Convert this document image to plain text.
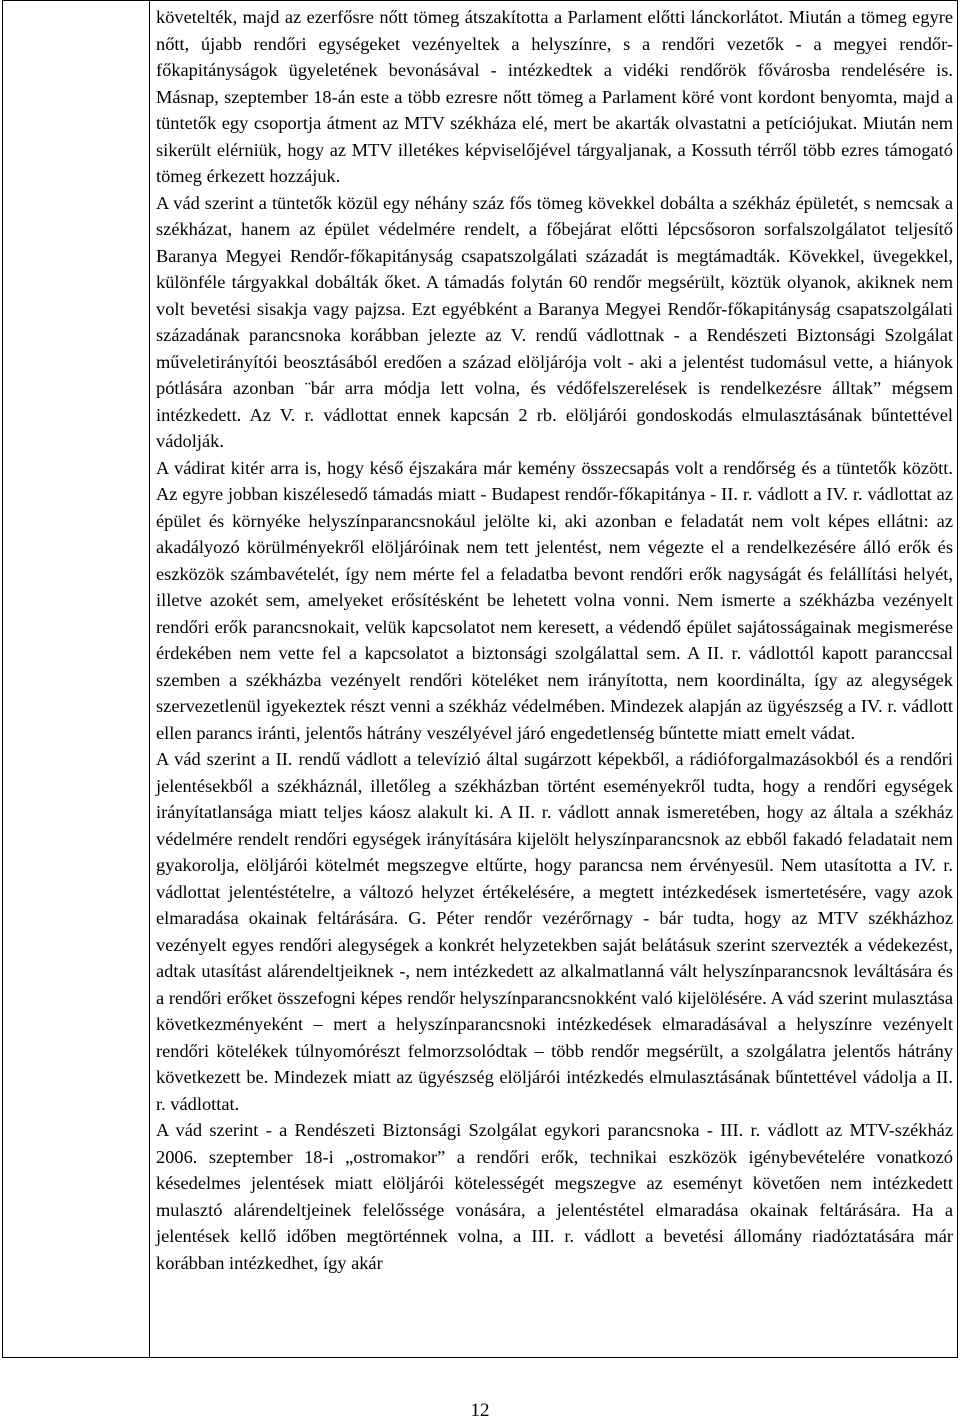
követelték, majd az ezerfősre nőtt tömeg átszakította a Parlament előtti lánckorlátot. Miután a tömeg egyre nőtt, újabb rendőri egységeket vezényeltek a helyszínre, s a rendőri vezetők - a megyei rendőr-főkapitányságok ügyeletének bevonásával - intézkedtek a vidéki rendőrök fővárosba rendelésére is. Másnap, szeptember 18-án este a több ezresre nőtt tömeg a Parlament köré vont kordont benyomta, majd a tüntetők egy csoportja átment az MTV székháza elé, mert be akarták olvastatni a petíciójukat. Miután nem sikerült elérniük, hogy az MTV illetékes képviselőjével tárgyaljanak, a Kossuth térről több ezres támogató tömeg érkezett hozzájuk.

A vád szerint a tüntetők közül egy néhány száz fős tömeg kövekkel dobálta a székház épületét, s nemcsak a székházat, hanem az épület védelmére rendelt, a főbejárat előtti lépcsősoron sorfalszolgálatot teljesítő Baranya Megyei Rendőr-főkapitányság csapatszolgálati századát is megtámadták. Kövekkel, üvegekkel, különféle tárgyakkal dobálták őket. A támadás folytán 60 rendőr megsérült, köztük olyanok, akiknek nem volt bevetési sisakja vagy pajzsa. Ezt egyébként a Baranya Megyei Rendőr-főkapitányság csapatszolgálati századának parancsnoka korábban jelezte az V. rendű vádlottnak - a Rendészeti Biztonsági Szolgálat műveletirányítói beosztásából eredően a század elöljárója volt - aki a jelentést tudomásul vette, a hiányok pótlására azonban ¨bár arra módja lett volna, és védőfelszerelések is rendelkezésre álltak” mégsem intézkedett. Az V. r. vádlottat ennek kapcsán 2 rb. elöljárói gondoskodás elmulasztásának bűntettével vádolják.

A vádirat kitér arra is, hogy késő éjszakára már kemény összecsapás volt a rendőrség és a tüntetők között. Az egyre jobban kiszélesedő támadás miatt - Budapest rendőr-főkapitánya - II. r. vádlott a IV. r. vádlottat az épület és környéke helyszínparancsnokául jelölte ki, aki azonban e feladatát nem volt képes ellátni: az akadályozó körülményekről elöljáróinak nem tett jelentést, nem végezte el a rendelkezésére álló erők és eszközök számbavételét, így nem mérte fel a feladatba bevont rendőri erők nagyságát és felállítási helyét, illetve azokét sem, amelyeket erősítésként be lehetett volna vonni. Nem ismerte a székházba vezényelt rendőri erők parancsnokait, velük kapcsolatot nem keresett, a védendő épület sajátosságainak megismerése érdekében nem vette fel a kapcsolatot a biztonsági szolgálattal sem. A II. r. vádlottól kapott paranccsal szemben a székházba vezényelt rendőri köteléket nem irányította, nem koordinálta, így az alegységek szervezetlenül igyekeztek részt venni a székház védelmében. Mindezek alapján az ügyészség a IV. r. vádlott ellen parancs iránti, jelentős hátrány veszélyével járó engedetlenség bűntette miatt emelt vádat.

A vád szerint a II. rendű vádlott a televízió által sugárzott képekből, a rádióforgalmazásokból és a rendőri jelentésekből a székháznál, illetőleg a székházban történt eseményekről tudta, hogy a rendőri egységek irányítatlansága miatt teljes káosz alakult ki. A II. r. vádlott annak ismeretében, hogy az általa a székház védelmére rendelt rendőri egységek irányítására kijelölt helyszínparancsnok az ebből fakadó feladatait nem gyakorolja, elöljárói kötelmét megszegve eltűrte, hogy parancsa nem érvényesül. Nem utasította a IV. r. vádlottat jelentéstételre, a változó helyzet értékelésére, a megtett intézkedések ismertetésére, vagy azok elmaradása okainak feltárására. G. Péter rendőr vezérőrnagy - bár tudta, hogy az MTV székházhoz vezényelt egyes rendőri alegységek a konkrét helyzetekben saját belátásuk szerint szervezték a védekezést, adtak utasítást alárendeltjeiknek -, nem intézkedett az alkalmatlanná vált helyszínparancsnok leváltására és a rendőri erőket összefogni képes rendőr helyszínparancsnokként való kijelölésére. A vád szerint mulasztása következményeként – mert a helyszínparancsnoki intézkedések elmaradásával a helyszínre vezényelt rendőri kötelékek túlnyomórészt felmorzsolódtak – több rendőr megsérült, a szolgálatra jelentős hátrány következett be. Mindezek miatt az ügyészség elöljárói intézkedés elmulasztásának bűntettével vádolja a II. r. vádlottat.

A vád szerint - a Rendészeti Biztonsági Szolgálat egykori parancsnoka - III. r. vádlott az MTV-székház 2006. szeptember 18-i „ostromakor” a rendőri erők, technikai eszközök igénybevételére vonatkozó késedelmes jelentések miatt elöljárói kötelességét megszegve az eseményt követően nem intézkedett mulasztó alárendeltjeinek felelőssége vonására, a jelentéstétel elmaradása okainak feltárására. Ha a jelentések kellő időben megtörténnek volna, a III. r. vádlott a bevetési állomány riadóztatására már korábban intézkedhet, így akár

12
